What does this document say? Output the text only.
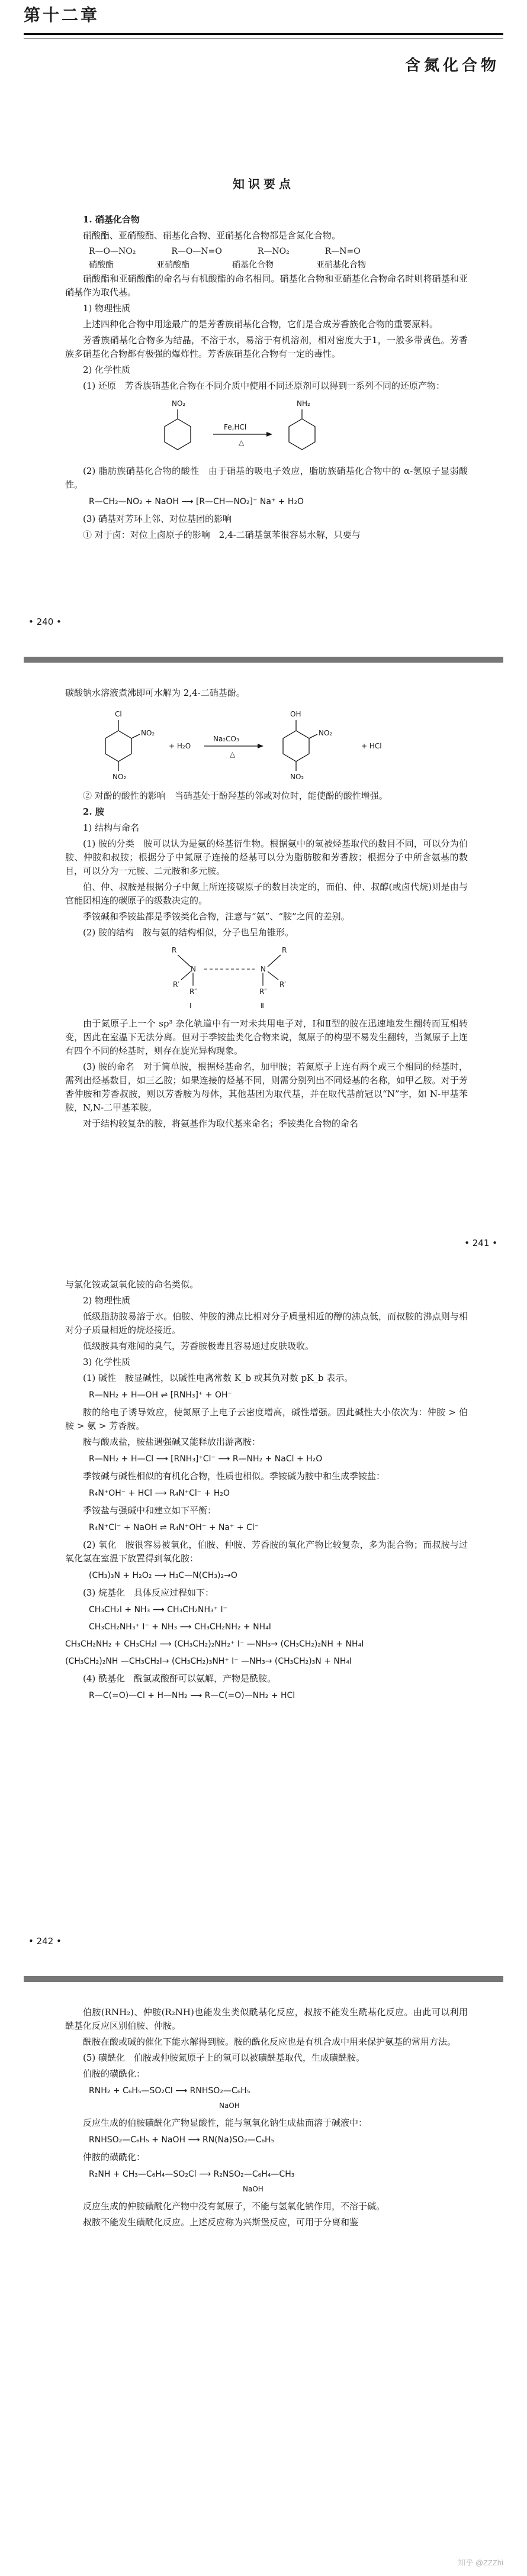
第十二章
含氮化合物
知识要点

1. 硝基化合物

硝酸酯、亚硝酸酯、硝基化合物、亚硝基化合物都是含氮化合物。

R—O—NO₂	R—O—N=O	R—NO₂	R—N=O
硝酸酯	亚硝酸酯	硝基化合物	亚硝基化合物

硝酸酯和亚硝酸酯的命名与有机酸酯的命名相同。硝基化合物和亚硝基化合物命名时则将硝基和亚硝基作为取代基。

1) 物理性质

上述四种化合物中用途最广的是芳香族硝基化合物，它们是合成芳香族化合物的重要原料。

芳香族硝基化合物多为结晶，不溶于水，易溶于有机溶剂，相对密度大于1，一般多带黄色。芳香族多硝基化合物都有极强的爆炸性。芳香族硝基化合物有一定的毒性。

2) 化学性质

(1) 还原　芳香族硝基化合物在不同介质中使用不同还原剂可以得到一系列不同的还原产物：

NO₂
Fe,HCl
△
NH₂

(2) 脂肪族硝基化合物的酸性　由于硝基的吸电子效应，脂肪族硝基化合物中的 α-氢原子显弱酸性。

R—CH₂—NO₂ + NaOH ⟶ [R—CH—NO₂]⁻ Na⁺ + H₂O

(3) 硝基对芳环上邻、对位基团的影响

① 对于卤：对位上卤原子的影响　2,4-二硝基氯苯很容易水解，只要与

• 240 •

碳酸钠水溶液煮沸即可水解为 2,4-二硝基酚。

Cl
NO₂
NO₂
+ H₂O
Na₂CO₃
△
OH
NO₂
NO₂
+ HCl

② 对酚的酸性的影响　当硝基处于酚羟基的邻或对位时，能使酚的酸性增强。

2. 胺

1) 结构与命名

(1) 胺的分类　胺可以认为是氨的烃基衍生物。根据氨中的氢被烃基取代的数目不同，可以分为伯胺、仲胺和叔胺；根据分子中氮原子连接的烃基可以分为脂肪胺和芳香胺；根据分子中所含氨基的数目，可以分为一元胺、二元胺和多元胺。

伯、仲、叔胺是根据分子中氮上所连接碳原子的数目决定的，而伯、仲、叔醇(或卤代烷)则是由与官能团相连的碳原子的级数决定的。

季铵碱和季铵盐都是季铵类化合物，注意与“氨”、“胺”之间的差别。

(2) 胺的结构　胺与氨的结构相似，分子也呈角锥形。

N
R
R′
R″
Ⅰ
N
R
R′
R″
Ⅱ

由于氮原子上一个 sp³ 杂化轨道中有一对未共用电子对，Ⅰ和Ⅱ型的胺在迅速地发生翻转而互相转变，因此在室温下无法分离。但对于季铵盐类化合物来说，氮原子的构型不易发生翻转，当氮原子上连有四个不同的烃基时，则存在旋光异构现象。

(3) 胺的命名　对于简单胺，根据烃基命名，加甲胺；若氮原子上连有两个或三个相同的烃基时，需列出烃基数目，如三乙胺；如果连接的烃基不同，则需分别列出不同烃基的名称，如甲乙胺。对于芳香仲胺和芳香叔胺，则以芳香胺为母体，其他基团为取代基，并在取代基前冠以“N”字，如 N-甲基苯胺，N,N-二甲基苯胺。

对于结构较复杂的胺，将氨基作为取代基来命名；季铵类化合物的命名

• 241 •

与氯化铵或氢氧化铵的命名类似。

2) 物理性质

低级脂肪胺易溶于水。伯胺、仲胺的沸点比相对分子质量相近的醇的沸点低，而叔胺的沸点则与相对分子质量相近的烷烃接近。

低级胺具有难闻的臭气，芳香胺极毒且容易通过皮肤吸收。

3) 化学性质

(1) 碱性　胺显碱性，以碱性电离常数 K_b 或其负对数 pK_b 表示。

R—NH₂ + H—OH ⇌ [RNH₃]⁺ + OH⁻

胺的给电子诱导效应，使氮原子上电子云密度增高，碱性增强。因此碱性大小依次为：仲胺 > 伯胺 > 氨 > 芳香胺。

胺与酸成盐，胺盐遇强碱又能释放出游离胺：

R—NH₂ + H—Cl ⟶ [RNH₃]⁺Cl⁻ ⟶ R—NH₂ + NaCl + H₂O

季铵碱与碱性相似的有机化合物，性质也相似。季铵碱为胺中和生成季铵盐：

R₄N⁺OH⁻ + HCl ⟶ R₄N⁺Cl⁻ + H₂O

季铵盐与强碱中和建立如下平衡：

R₄N⁺Cl⁻ + NaOH ⇌ R₄N⁺OH⁻ + Na⁺ + Cl⁻

(2) 氧化　胺很容易被氧化，伯胺、仲胺、芳香胺的氧化产物比较复杂，多为混合物；而叔胺与过氧化氢在室温下放置得到氧化胺：

(CH₃)₃N + H₂O₂ ⟶ H₃C—N(CH₃)₂→O

(3) 烷基化　具体反应过程如下：

CH₃CH₂I + NH₃ ⟶ CH₃CH₂NH₃⁺ I⁻
CH₃CH₂NH₃⁺ I⁻ + NH₃ ⟶ CH₃CH₂NH₂ + NH₄I
CH₃CH₂NH₂ + CH₃CH₂I ⟶ (CH₃CH₂)₂NH₂⁺ I⁻ —NH₃→ (CH₃CH₂)₂NH + NH₄I
(CH₃CH₂)₂NH —CH₃CH₂I→ (CH₃CH₂)₃NH⁺ I⁻ —NH₃→ (CH₃CH₂)₃N + NH₄I

(4) 酰基化　酰氯或酸酐可以氨解，产物是酰胺。

R—C(=O)—Cl + H—NH₂ ⟶ R—C(=O)—NH₂ + HCl
• 242 •

伯胺(RNH₂)、仲胺(R₂NH)也能发生类似酰基化反应，叔胺不能发生酰基化反应。由此可以利用酰基化反应区别伯胺、仲胺。

酰胺在酸或碱的催化下能水解得到胺。胺的酰化反应也是有机合成中用来保护氨基的常用方法。

(5) 磺酰化　伯胺或仲胺氮原子上的氢可以被磺酰基取代，生成磺酰胺。

伯胺的磺酰化：

RNH₂ + C₆H₅—SO₂Cl ⟶ RNHSO₂—C₆H₅
NaOH

反应生成的伯胺磺酰化产物显酸性，能与氢氧化钠生成盐而溶于碱液中：

RNHSO₂—C₆H₅ + NaOH ⟶ RN(Na)SO₂—C₆H₅

仲胺的磺酰化：

R₂NH + CH₃—C₆H₄—SO₂Cl ⟶ R₂NSO₂—C₆H₄—CH₃
NaOH

反应生成的仲胺磺酰化产物中没有氮原子，不能与氢氧化钠作用，不溶于碱。

叔胺不能发生磺酰化反应。上述反应称为兴斯堡反应，可用于分离和鉴

知乎 @ZZZhi
